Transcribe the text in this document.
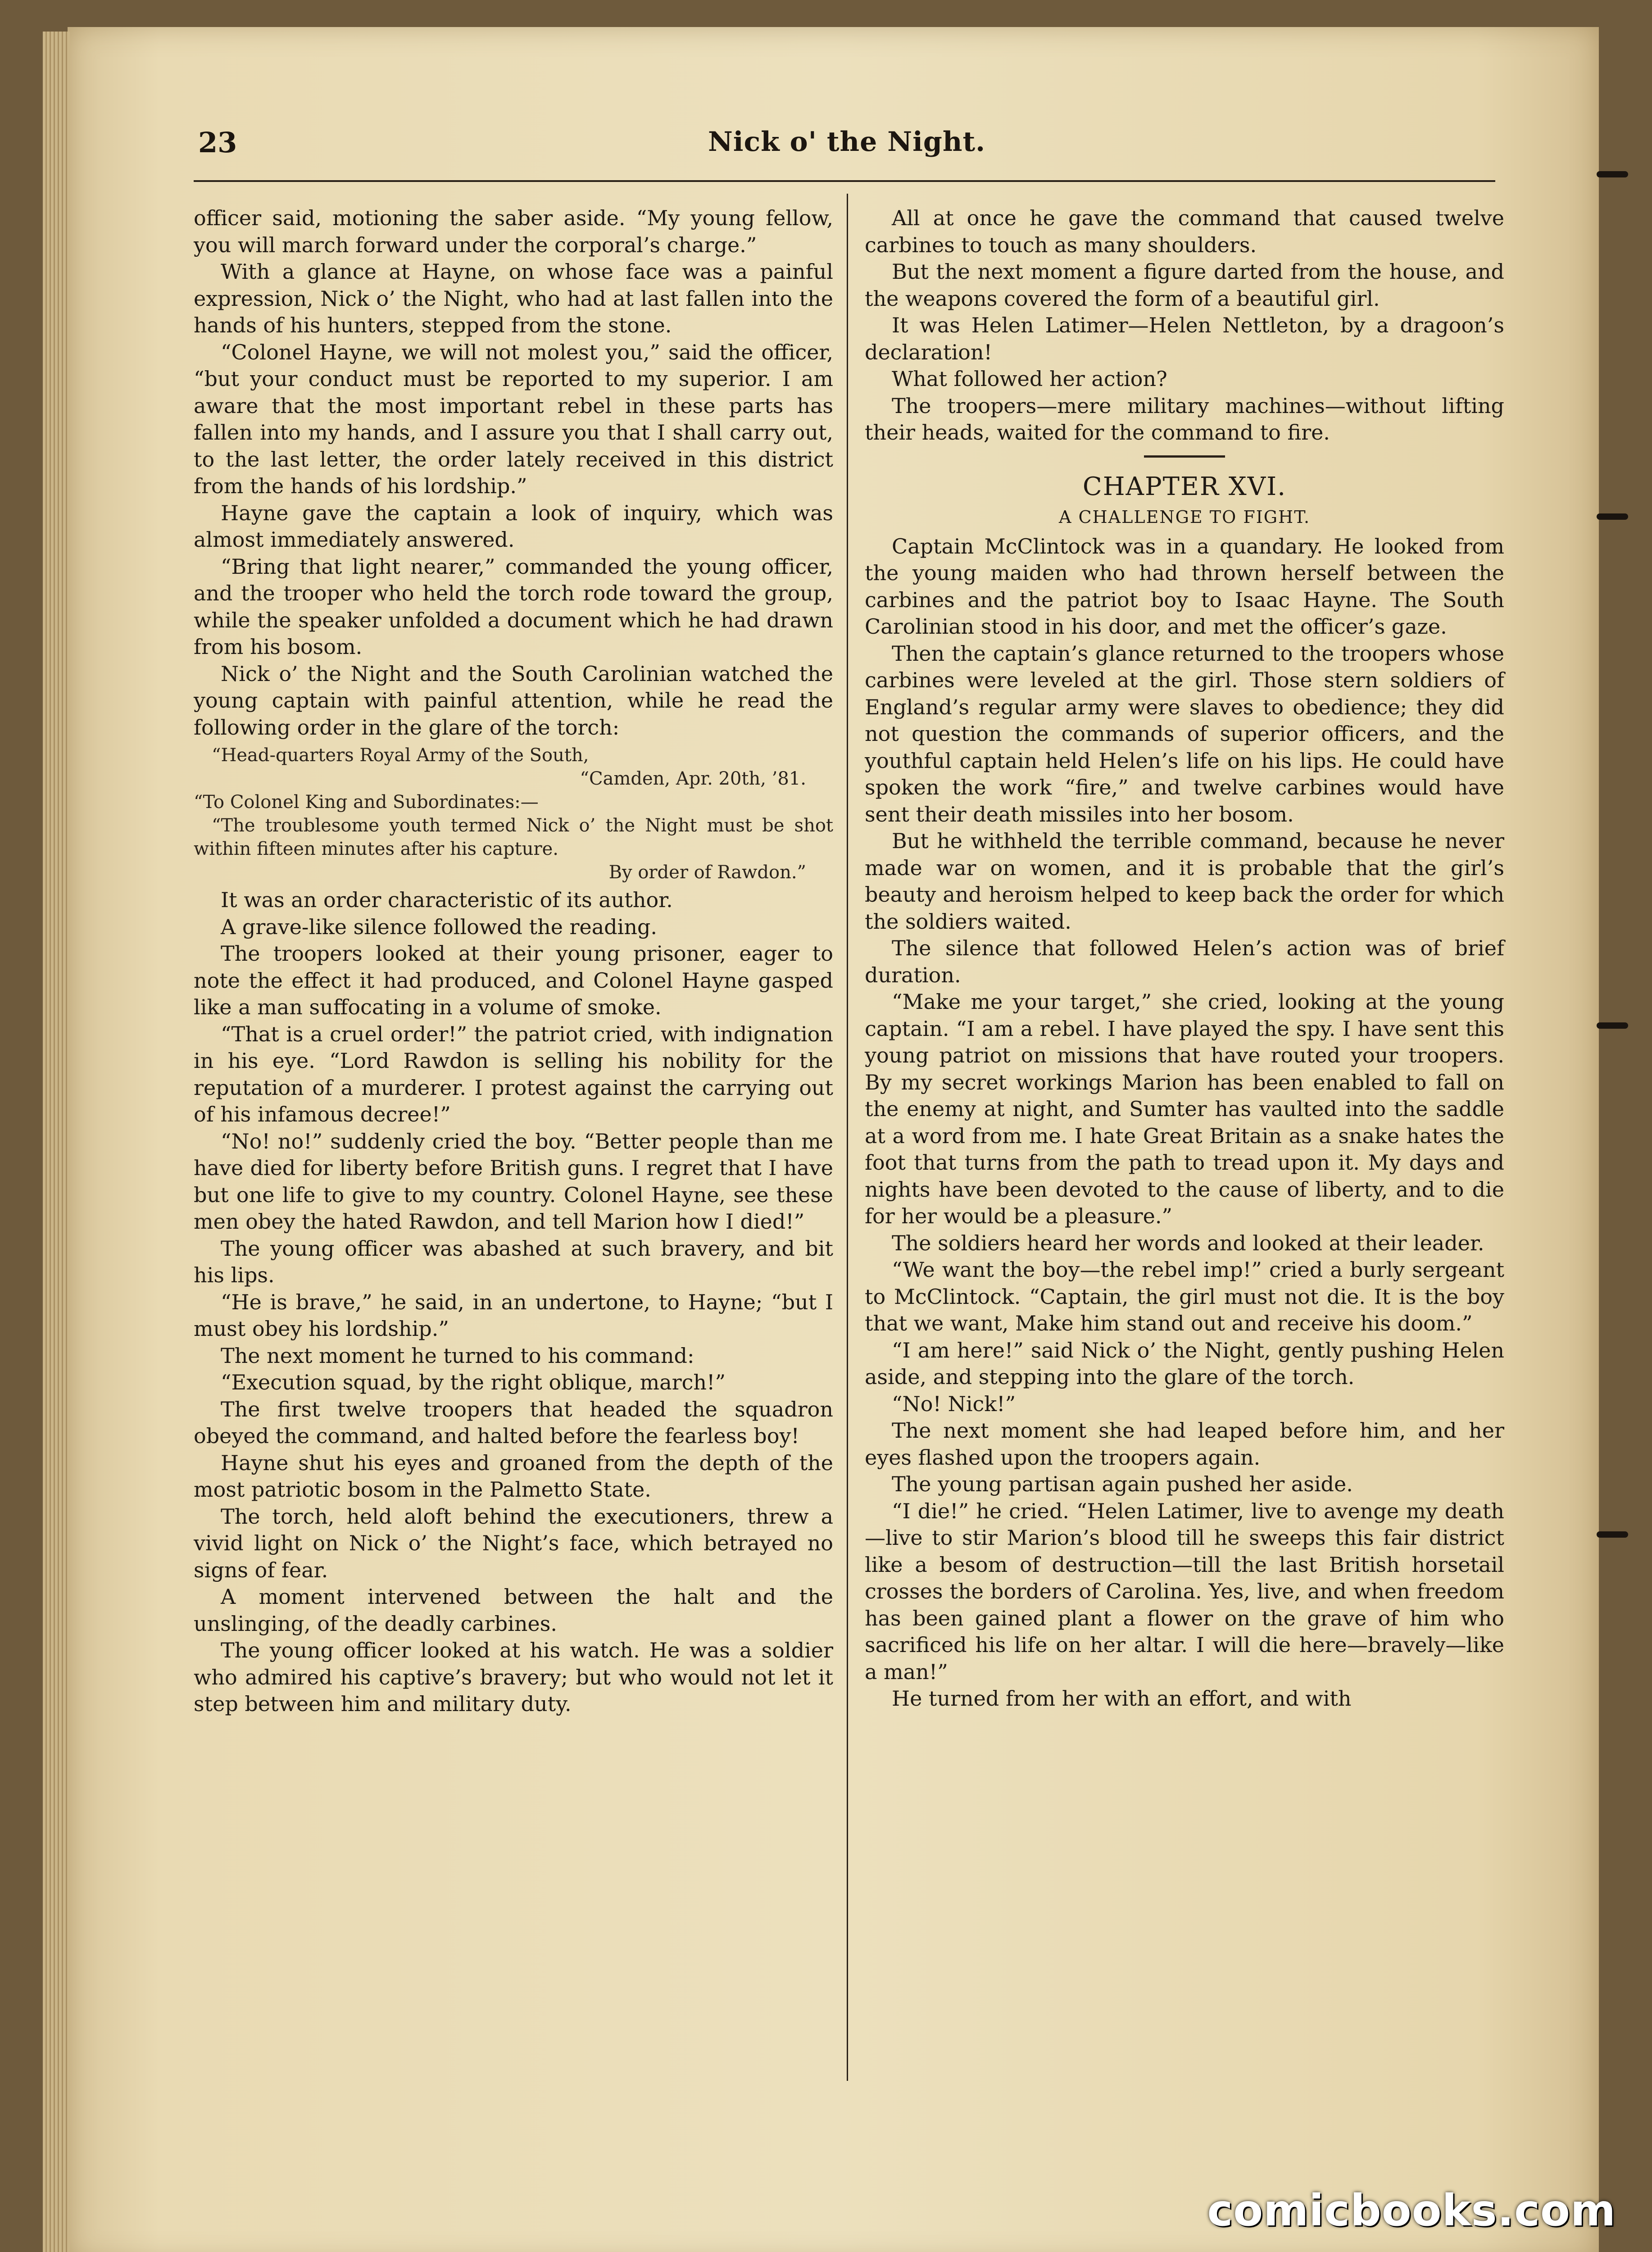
23	Nick o' the Night.

officer said, motioning the saber aside. “My young fellow, you will march forward under the corporal’s charge.”

With a glance at Hayne, on whose face was a painful expression, Nick o’ the Night, who had at last fallen into the hands of his hunters, stepped from the stone.

“Colonel Hayne, we will not molest you,” said the officer, “but your conduct must be reported to my superior. I am aware that the most important rebel in these parts has fallen into my hands, and I assure you that I shall carry out, to the last letter, the order lately received in this district from the hands of his lordship.”

Hayne gave the captain a look of inquiry, which was almost immediately answered.

“Bring that light nearer,” commanded the young officer, and the trooper who held the torch rode toward the group, while the speaker unfolded a document which he had drawn from his bosom.

Nick o’ the Night and the South Carolinian watched the young captain with painful attention, while he read the following order in the glare of the torch:

“Head-quarters Royal Army of the South,
“Camden, Apr. 20th, ’81.
“To Colonel King and Subordinates:—
“The troublesome youth termed Nick o’ the Night must be shot within fifteen minutes after his capture.
By order of Rawdon.”

It was an order characteristic of its author.

A grave-like silence followed the reading.

The troopers looked at their young prisoner, eager to note the effect it had produced, and Colonel Hayne gasped like a man suffocating in a volume of smoke.

“That is a cruel order!” the patriot cried, with indignation in his eye. “Lord Rawdon is selling his nobility for the reputation of a murderer. I protest against the carrying out of his infamous decree!”

“No! no!” suddenly cried the boy. “Better people than me have died for liberty before British guns. I regret that I have but one life to give to my country. Colonel Hayne, see these men obey the hated Rawdon, and tell Marion how I died!”

The young officer was abashed at such bravery, and bit his lips.

“He is brave,” he said, in an undertone, to Hayne; “but I must obey his lordship.”

The next moment he turned to his command:

“Execution squad, by the right oblique, march!”

The first twelve troopers that headed the squadron obeyed the command, and halted before the fearless boy!

Hayne shut his eyes and groaned from the depth of the most patriotic bosom in the Palmetto State.

The torch, held aloft behind the executioners, threw a vivid light on Nick o’ the Night’s face, which betrayed no signs of fear.

A moment intervened between the halt and the unslinging, of the deadly carbines.

The young officer looked at his watch. He was a soldier who admired his captive’s bravery; but who would not let it step between him and military duty.

All at once he gave the command that caused twelve carbines to touch as many shoulders.

But the next moment a figure darted from the house, and the weapons covered the form of a beautiful girl.

It was Helen Latimer—Helen Nettleton, by a dragoon’s declaration!

What followed her action?

The troopers—mere military machines—without lifting their heads, waited for the command to fire.

CHAPTER XVI.
A CHALLENGE TO FIGHT.

Captain McClintock was in a quandary. He looked from the young maiden who had thrown herself between the carbines and the patriot boy to Isaac Hayne. The South Carolinian stood in his door, and met the officer’s gaze.

Then the captain’s glance returned to the troopers whose carbines were leveled at the girl. Those stern soldiers of England’s regular army were slaves to obedience; they did not question the commands of superior officers, and the youthful captain held Helen’s life on his lips. He could have spoken the work “fire,” and twelve carbines would have sent their death missiles into her bosom.

But he withheld the terrible command, because he never made war on women, and it is probable that the girl’s beauty and heroism helped to keep back the order for which the soldiers waited.

The silence that followed Helen’s action was of brief duration.

“Make me your target,” she cried, looking at the young captain. “I am a rebel. I have played the spy. I have sent this young patriot on missions that have routed your troopers. By my secret workings Marion has been enabled to fall on the enemy at night, and Sumter has vaulted into the saddle at a word from me. I hate Great Britain as a snake hates the foot that turns from the path to tread upon it. My days and nights have been devoted to the cause of liberty, and to die for her would be a pleasure.”

The soldiers heard her words and looked at their leader.

“We want the boy—the rebel imp!” cried a burly sergeant to McClintock. “Captain, the girl must not die. It is the boy that we want, Make him stand out and receive his doom.”

“I am here!” said Nick o’ the Night, gently pushing Helen aside, and stepping into the glare of the torch.

“No! Nick!”

The next moment she had leaped before him, and her eyes flashed upon the troopers again.

The young partisan again pushed her aside.

“I die!” he cried. “Helen Latimer, live to avenge my death—live to stir Marion’s blood till he sweeps this fair district like a besom of destruction—till the last British horsetail crosses the borders of Carolina. Yes, live, and when freedom has been gained plant a flower on the grave of him who sacrificed his life on her altar. I will die here—bravely—like a man!”

He turned from her with an effort, and with

comicbooks.com
